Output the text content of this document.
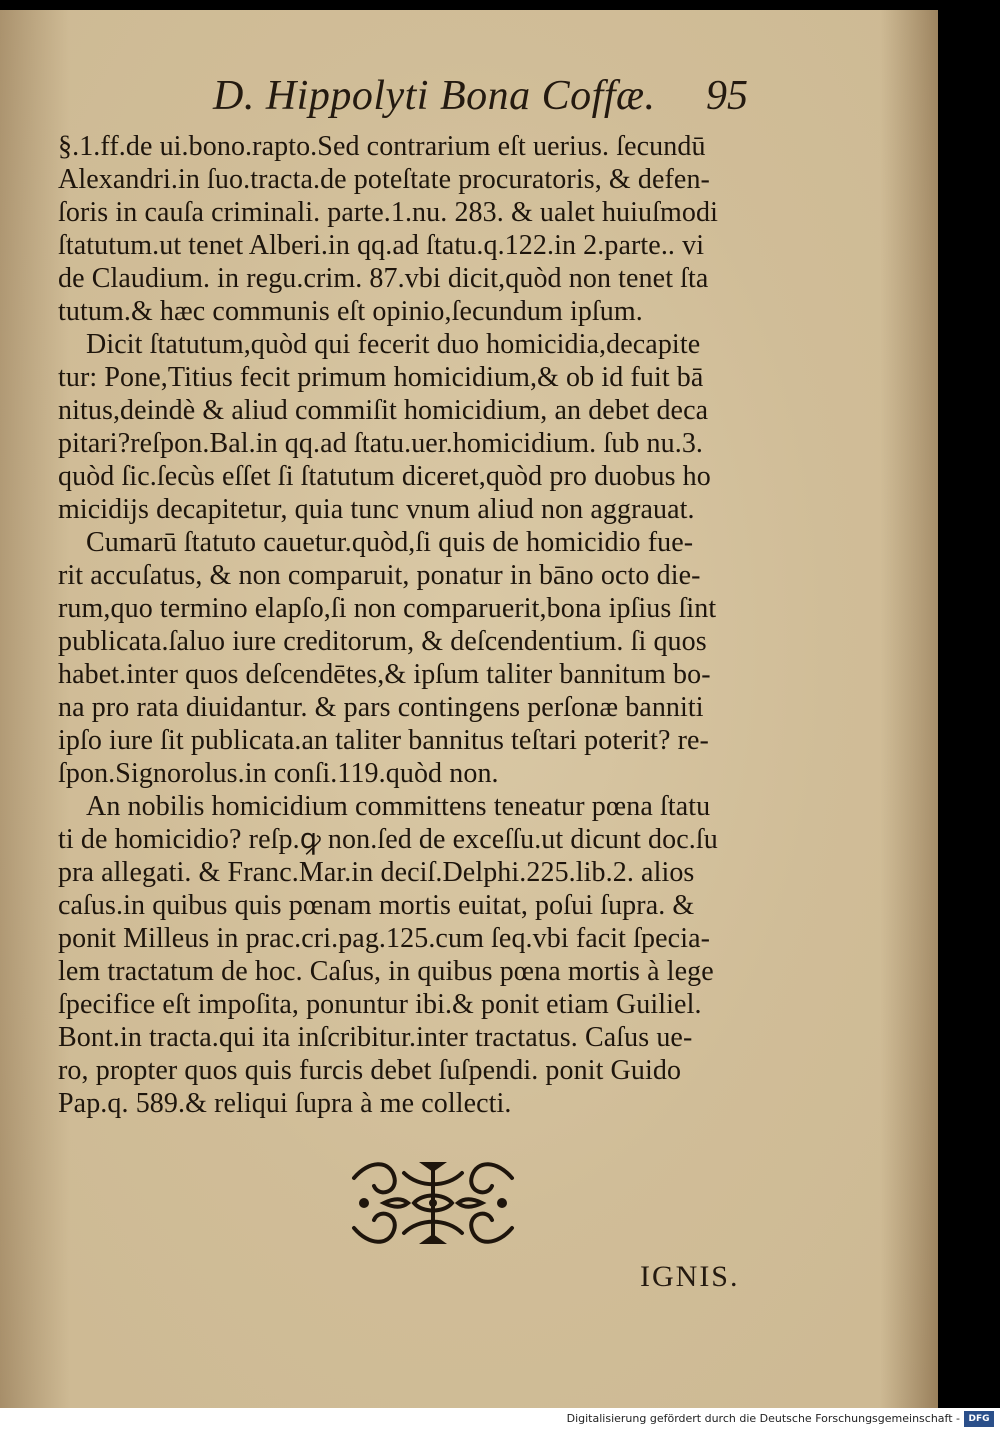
D. Hippolyti Bona Coffæ. 95
§.1.ff.de ui.bono.rapto.Sed contrarium eſt uerius. ſecundū
Alexandri.in ſuo.tracta.de poteſtate procuratoris, & defen-
ſoris in cauſa criminali. parte.1.nu. 283. & ualet huiuſmodi
ſtatutum.ut tenet Alberi.in qq.ad ſtatu.q.122.in 2.parte.. vi
de Claudium. in regu.crim. 87.vbi dicit,quòd non tenet ſta
tutum.& hæc communis eſt opinio,ſecundum ipſum.
Dicit ſtatutum,quòd qui fecerit duo homicidia,decapite
tur: Pone,Titius fecit primum homicidium,& ob id fuit bā
nitus,deindè & aliud commiſit homicidium, an debet deca
pitari?reſpon.Bal.in qq.ad ſtatu.uer.homicidium. ſub nu.3.
quòd ſic.ſecùs eſſet ſi ſtatutum diceret,quòd pro duobus ho
micidijs decapitetur, quia tunc vnum aliud non aggrauat.
Cumarū ſtatuto cauetur.quòd,ſi quis de homicidio fue-
rit accuſatus, & non comparuit, ponatur in bāno octo die-
rum,quo termino elapſo,ſi non comparuerit,bona ipſius ſint
publicata.ſaluo iure creditorum, & deſcendentium. ſi quos
habet.inter quos deſcendētes,& ipſum taliter bannitum bo-
na pro rata diuidantur. & pars contingens perſonæ banniti
ipſo iure ſit publicata.an taliter bannitus teſtari poterit? re-
ſpon.Signorolus.in conſi.119.quòd non.
An nobilis homicidium committens teneatur pœna ſtatu
ti de homicidio? reſp.ꝙ non.ſed de exceſſu.ut dicunt doc.ſu
pra allegati. & Franc.Mar.in deciſ.Delphi.225.lib.2. alios
caſus.in quibus quis pœnam mortis euitat, poſui ſupra. &
ponit Milleus in prac.cri.pag.125.cum ſeq.vbi facit ſpecia-
lem tractatum de hoc. Caſus, in quibus pœna mortis à lege
ſpecifice eſt impoſita, ponuntur ibi.& ponit etiam Guiliel.
Bont.in tracta.qui ita inſcribitur.inter tractatus. Caſus ue-
ro, propter quos quis furcis debet ſuſpendi. ponit Guido
Pap.q. 589.& reliqui ſupra à me collecti.
IGNIS.
Digitalisierung gefördert durch die Deutsche Forschungsgemeinschaft - DFG
